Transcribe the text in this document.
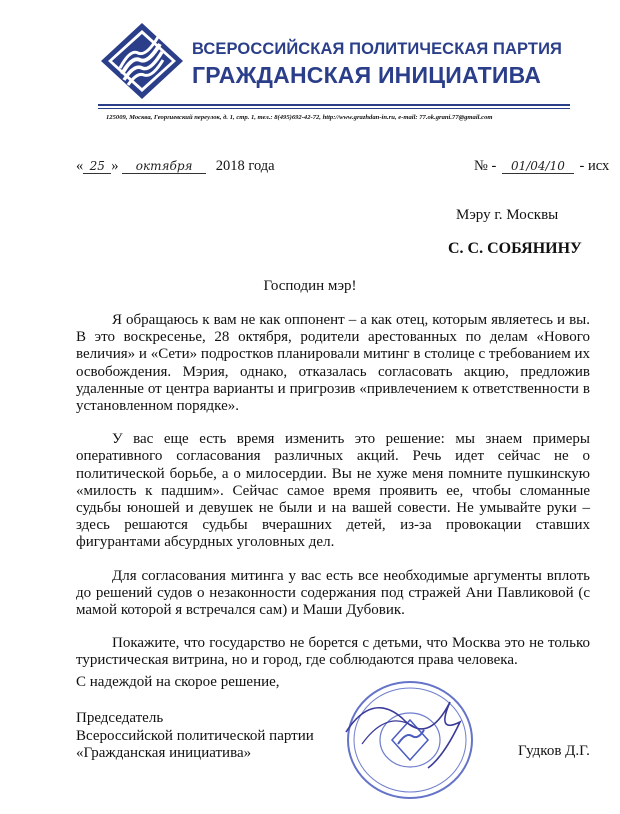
ВСЕРОССИЙСКАЯ ПОЛИТИЧЕСКАЯ ПАРТИЯ
ГРАЖДАНСКАЯ ИНИЦИАТИВА
125009, Москва, Георгиевский переулок, д. 1, стр. 1, тел.: 8(495)692-42-72, http://www.grazhdan-in.ru, e-mail: 77.ok.grani.77@gmail.com
« 25 » октября 2018 года	№ - 01/04/10 - исх
Мэру г. Москвы
С. С. СОБЯНИНУ
Господин мэр!

Я обращаюсь к вам не как оппонент – а как отец, которым являетесь и вы. В это воскресенье, 28 октября, родители арестованных по делам «Нового величия» и «Сети» подростков планировали митинг в столице с требованием их освобождения. Мэрия, однако, отказалась согласовать акцию, предложив удаленные от центра варианты и пригрозив «привлечением к ответственности в установленном порядке».

У вас еще есть время изменить это решение: мы знаем примеры оперативного согласования различных акций. Речь идет сейчас не о политической борьбе, а о милосердии. Вы не хуже меня помните пушкинскую «милость к падшим». Сейчас самое время проявить ее, чтобы сломанные судьбы юношей и девушек не были и на вашей совести. Не умывайте руки – здесь решаются судьбы вчерашних детей, из-за провокации ставших фигурантами абсурдных уголовных дел.

Для согласования митинга у вас есть все необходимые аргументы вплоть до решений судов о незаконности содержания под стражей Ани Павликовой (с мамой которой я встречался сам) и Маши Дубовик.

Покажите, что государство не борется с детьми, что Москва это не только туристическая витрина, но и город, где соблюдаются права человека.

С надеждой на скорое решение,
Председатель
Всероссийской политической партии
«Гражданская инициатива»	Гудков Д.Г.
